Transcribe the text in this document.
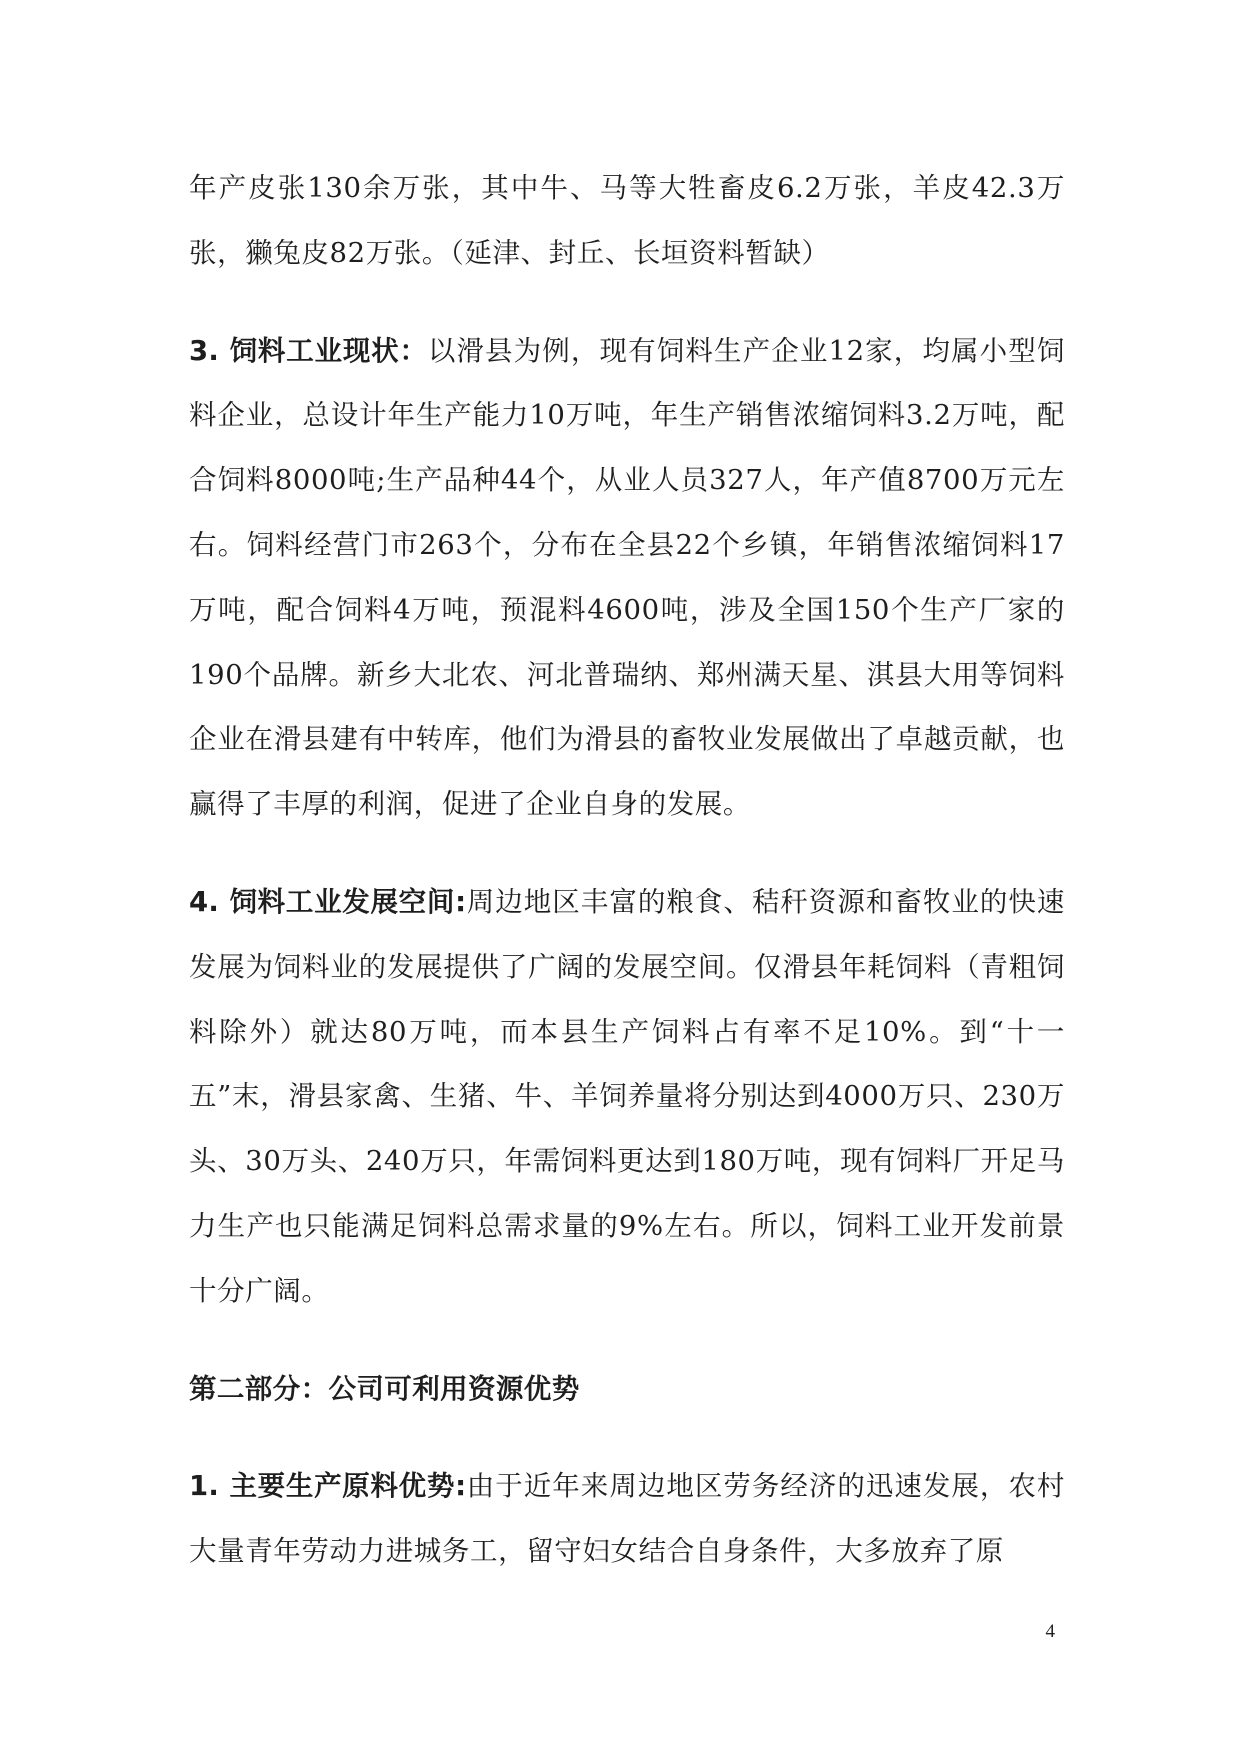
年产皮张130余万张，其中牛、马等大牲畜皮6.2万张，羊皮42.3万张，獭兔皮82万张。（延津、封丘、长垣资料暂缺）

3. 饲料工业现状：以滑县为例，现有饲料生产企业12家，均属小型饲料企业，总设计年生产能力10万吨，年生产销售浓缩饲料3.2万吨，配合饲料8000吨;生产品种44个，从业人员327人，年产值8700万元左右。饲料经营门市263个，分布在全县22个乡镇，年销售浓缩饲料17万吨，配合饲料4万吨，预混料4600吨，涉及全国150个生产厂家的190个品牌。新乡大北农、河北普瑞纳、郑州满天星、淇县大用等饲料企业在滑县建有中转库，他们为滑县的畜牧业发展做出了卓越贡献，也赢得了丰厚的利润，促进了企业自身的发展。

4. 饲料工业发展空间:周边地区丰富的粮食、秸秆资源和畜牧业的快速发展为饲料业的发展提供了广阔的发展空间。仅滑县年耗饲料（青粗饲料除外）就达80万吨，而本县生产饲料占有率不足10%。到“十一五”末，滑县家禽、生猪、牛、羊饲养量将分别达到4000万只、230万头、30万头、240万只，年需饲料更达到180万吨，现有饲料厂开足马力生产也只能满足饲料总需求量的9%左右。所以，饲料工业开发前景十分广阔。

第二部分：公司可利用资源优势

1. 主要生产原料优势:由于近年来周边地区劳务经济的迅速发展，农村大量青年劳动力进城务工，留守妇女结合自身条件，大多放弃了原

4
